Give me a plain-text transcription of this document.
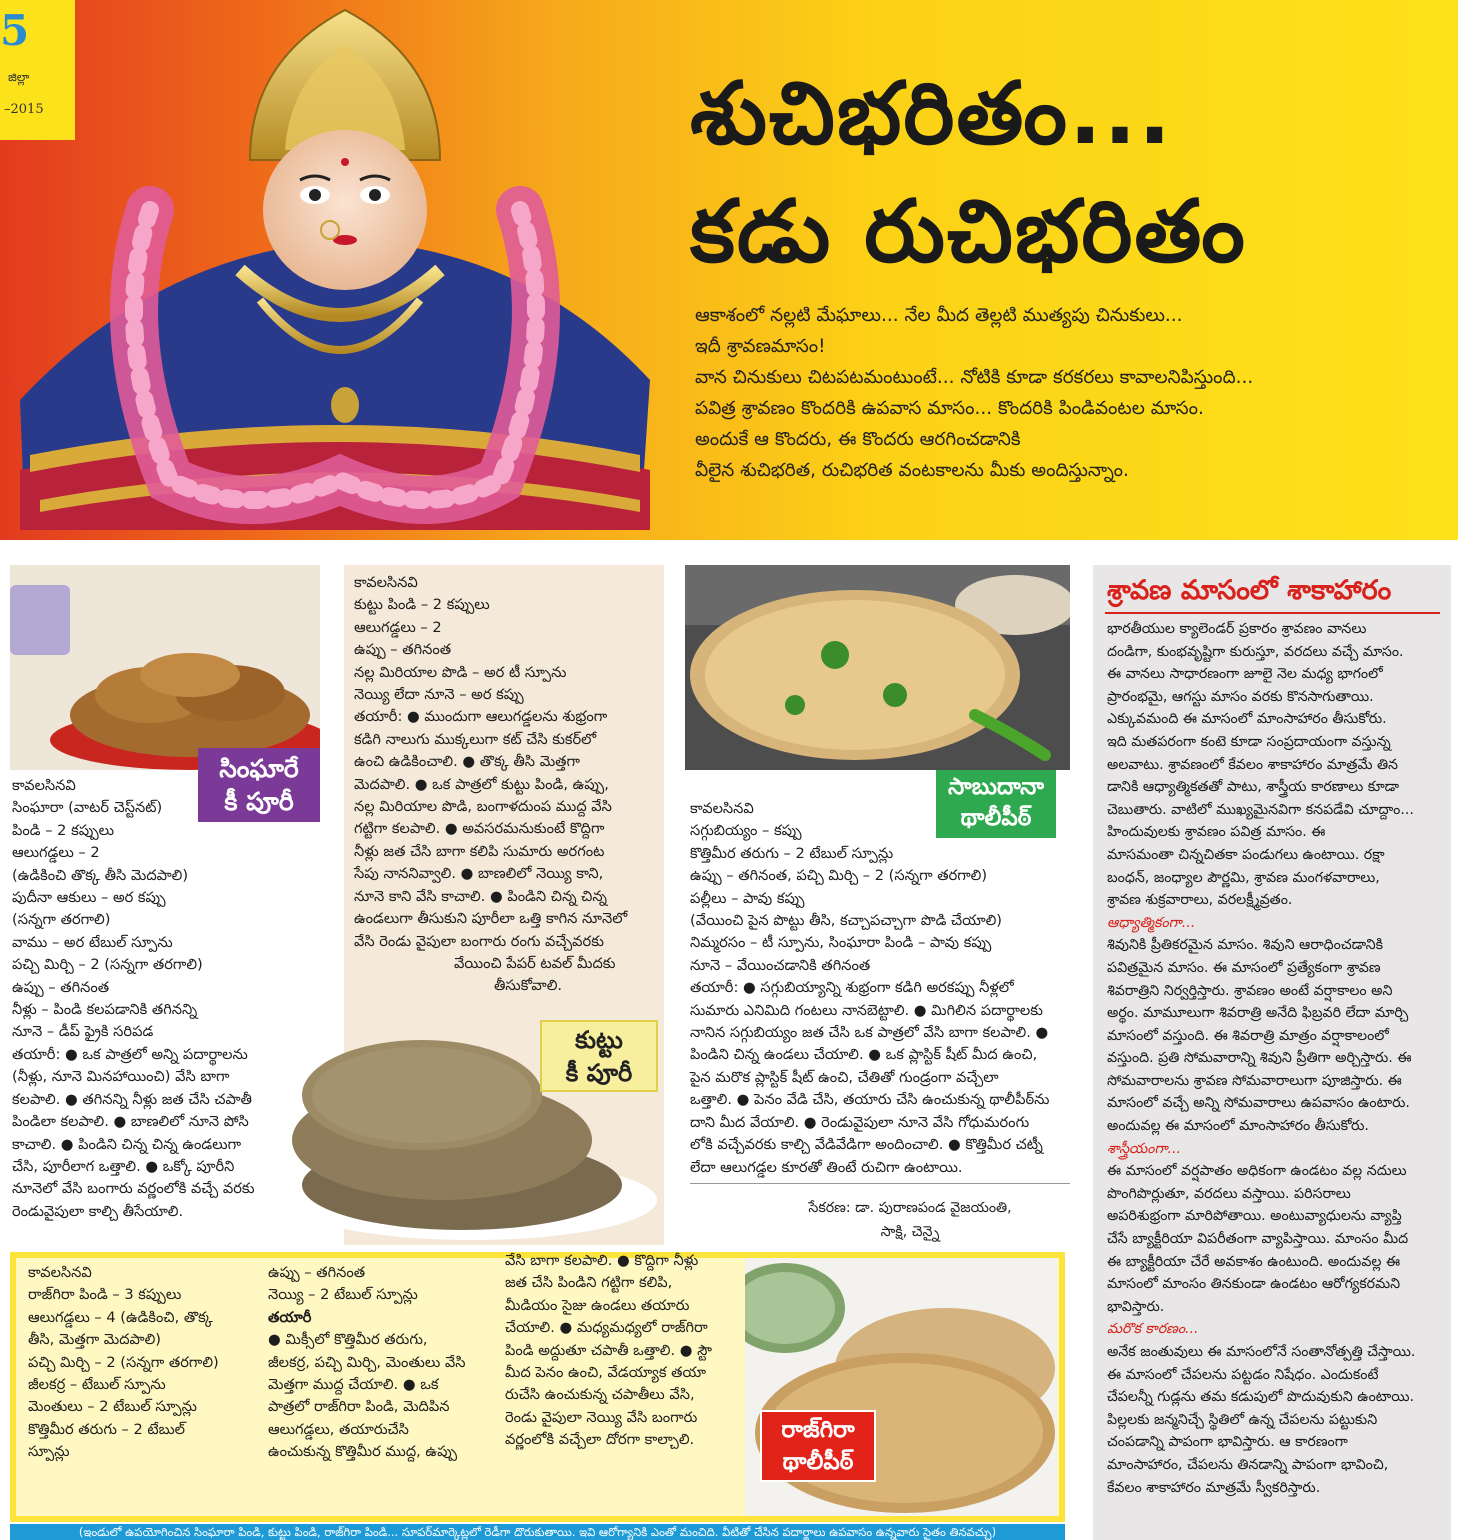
5
జిల్లా
–2015	శుచిభరితం...
కడు రుచిభరితం

ఆకాశంలో నల్లటి మేఘాలు... నేల మీద తెల్లటి ముత్యపు చినుకులు...

ఇదీ శ్రావణమాసం!

వాన చినుకులు చిటపటమంటుంటే... నోటికి కూడా కరకరలు కావాలనిపిస్తుంది...

పవిత్ర శ్రావణం కొందరికి ఉపవాస మాసం... కొందరికి పిండివంటల మాసం.

అందుకే ఆ కొందరు, ఈ కొందరు ఆరగించడానికి

వీలైన శుచిభరిత, రుచిభరిత వంటకాలను మీకు అందిస్తున్నాం.

సింఘారే
కీ పూరీ

కావలసినవి

సింఘారా (వాటర్ చెస్ట్‌నట్)

పిండి – 2 కప్పులు

ఆలుగడ్డలు – 2

(ఉడికించి తొక్క తీసి మెదపాలి)

పుదీనా ఆకులు – అర కప్పు

(సన్నగా తరగాలి)

వాము – అర టేబుల్ స్పూను

పచ్చి మిర్చి – 2 (సన్నగా తరగాలి)

ఉప్పు – తగినంత

నీళ్లు – పిండి కలపడానికి తగినన్ని

నూనె – డీప్ ఫ్రైకి సరిపడ

తయారీ: ● ఒక పాత్రలో అన్ని పదార్థాలను

(నీళ్లు, నూనె మినహాయించి) వేసి బాగా

కలపాలి. ● తగినన్ని నీళ్లు జత చేసి చపాతీ

పిండిలా కలపాలి. ● బాణలిలో నూనె పోసి

కాచాలి. ● పిండిని చిన్న చిన్న ఉండలుగా

చేసి, పూరీలాగ ఒత్తాలి. ● ఒక్కో పూరీని

నూనెలో వేసి బంగారు వర్ణంలోకి వచ్చే వరకు

రెండువైపులా కాల్చి తీసేయాలి.

కావలసినవి

కుట్టు పిండి – 2 కప్పులు

ఆలుగడ్డలు – 2

ఉప్పు – తగినంత

నల్ల మిరియాల పొడి – అర టీ స్పూను

నెయ్యి లేదా నూనె – అర కప్పు

తయారీ: ● ముందుగా ఆలుగడ్డలను శుభ్రంగా

కడిగి నాలుగు ముక్కలుగా కట్ చేసి కుకర్‌లో

ఉంచి ఉడికించాలి. ● తొక్క తీసి మెత్తగా

మెదపాలి. ● ఒక పాత్రలో కుట్టు పిండి, ఉప్పు,

నల్ల మిరియాల పొడి, బంగాళదుంప ముద్ద వేసి

గట్టిగా కలపాలి. ● అవసరమనుకుంటే కొద్దిగా

నీళ్లు జత చేసి బాగా కలిపి సుమారు అరగంట

సేపు నాననివ్వాలి. ● బాణలిలో నెయ్యి కాని,

నూనె కాని వేసి కాచాలి. ● పిండిని చిన్న చిన్న

ఉండలుగా తీసుకుని పూరీలా ఒత్తి కాగిన నూనెలో

వేసి రెండు వైపులా బంగారు రంగు వచ్చేవరకు

వేయించి పేపర్ టవల్ మీదకు

తీసుకోవాలి.

కుట్టు
కీ పూరీ
సాబుదానా
థాలీపీఠ్

కావలసినవి

సగ్గుబియ్యం – కప్పు

కొత్తిమీర తరుగు – 2 టేబుల్ స్పూన్లు

ఉప్పు – తగినంత, పచ్చి మిర్చి – 2 (సన్నగా తరగాలి)

పల్లీలు – పావు కప్పు

(వేయించి పైన పొట్టు తీసి, కచ్చాపచ్చాగా పొడి చేయాలి)

నిమ్మరసం – టీ స్పూను, సింఘారా పిండి – పావు కప్పు

నూనె – వేయించడానికి తగినంత

తయారీ: ● సగ్గుబియ్యాన్ని శుభ్రంగా కడిగి అరకప్పు నీళ్లలో

సుమారు ఎనిమిది గంటలు నానబెట్టాలి. ● మిగిలిన పదార్థాలకు

నానిన సగ్గుబియ్యం జత చేసి ఒక పాత్రలో వేసి బాగా కలపాలి. ●

పిండిని చిన్న ఉండలు చేయాలి. ● ఒక ప్లాస్టిక్ షీట్ మీద ఉంచి,

పైన మరొక ప్లాస్టిక్ షీట్ ఉంచి, చేతితో గుండ్రంగా వచ్చేలా

ఒత్తాలి. ● పెనం వేడి చేసి, తయారు చేసి ఉంచుకున్న థాలీపీఠ్‌ను

దాని మీద వేయాలి. ● రెండువైపులా నూనె వేసి గోధుమరంగు

లోకి వచ్చేవరకు కాల్చి వేడివేడిగా అందించాలి. ● కొత్తిమీర చట్నీ

లేదా ఆలుగడ్డల కూరతో తింటే రుచిగా ఉంటాయి.

సేకరణ: డా. పురాణపండ వైజయంతి,
సాక్షి, చెన్నై
శ్రావణ మాసంలో శాకాహారం

భారతీయుల క్యాలెండర్ ప్రకారం శ్రావణం వానలు

దండిగా, కుంభవృష్టిగా కురుస్తూ, వరదలు వచ్చే మాసం.

ఈ వానలు సాధారణంగా జూలై నెల మధ్య భాగంలో

ప్రారంభమై, ఆగస్టు మాసం వరకు కొనసాగుతాయి.

ఎక్కువమంది ఈ మాసంలో మాంసాహారం తీసుకోరు.

ఇది మతపరంగా కంటె కూడా సంప్రదాయంగా వస్తున్న

అలవాటు. శ్రావణంలో కేవలం శాకాహారం మాత్రమే తిన

డానికి ఆధ్యాత్మికతతో పాటు, శాస్త్రీయ కారణాలు కూడా

చెబుతారు. వాటిలో ముఖ్యమైనవిగా కనపడేవి చూద్దాం...

హిందువులకు శ్రావణం పవిత్ర మాసం. ఈ

మాసమంతా చిన్నచితకా పండుగలు ఉంటాయి. రక్షా

బంధన్, జంధ్యాల పౌర్ణమి, శ్రావణ మంగళవారాలు,

శ్రావణ శుక్రవారాలు, వరలక్ష్మీవ్రతం.

ఆధ్యాత్మికంగా...

శివునికి ప్రీతికరమైన మాసం. శివుని ఆరాధించడానికి

పవిత్రమైన మాసం. ఈ మాసంలో ప్రత్యేకంగా శ్రావణ

శివరాత్రిని నిర్వర్తిస్తారు. శ్రావణం అంటే వర్షాకాలం అని

అర్థం. మామూలుగా శివరాత్రి అనేది ఫిబ్రవరి లేదా మార్చి

మాసంలో వస్తుంది. ఈ శివరాత్రి మాత్రం వర్షాకాలంలో

వస్తుంది. ప్రతి సోమవారాన్ని శివుని ప్రీతిగా అర్చిస్తారు. ఈ

సోమవారాలను శ్రావణ సోమవారాలుగా పూజిస్తారు. ఈ

మాసంలో వచ్చే అన్ని సోమవారాలు ఉపవాసం ఉంటారు.

అందువల్ల ఈ మాసంలో మాంసాహారం తీసుకోరు.

శాస్త్రీయంగా...

ఈ మాసంలో వర్షపాతం అధికంగా ఉండటం వల్ల నదులు

పొంగిపొర్లుతూ, వరదలు వస్తాయి. పరిసరాలు

అపరిశుభ్రంగా మారిపోతాయి. అంటువ్యాధులను వ్యాప్తి

చేసే బ్యాక్టీరియా విపరీతంగా వ్యాపిస్తాయి. మాంసం మీద

ఈ బ్యాక్టీరియా చేరే అవకాశం ఉంటుంది. అందువల్ల ఈ

మాసంలో మాంసం తినకుండా ఉండటం ఆరోగ్యకరమని

భావిస్తారు.

మరొక కారణం...

అనేక జంతువులు ఈ మాసంలోనే సంతానోత్పత్తి చేస్తాయి.

ఈ మాసంలో చేపలను పట్టడం నిషేధం. ఎందుకంటే

చేపలన్నీ గుడ్లను తమ కడుపులో పొదువుకుని ఉంటాయి.

పిల్లలకు జన్మనిచ్చే స్థితిలో ఉన్న చేపలను పట్టుకుని

చంపడాన్ని పాపంగా భావిస్తారు. ఆ కారణంగా

మాంసాహారం, చేపలను తినడాన్ని పాపంగా భావించి,

కేవలం శాకాహారం మాత్రమే స్వీకరిస్తారు.

కావలసినవి

రాజ్‌గిరా పిండి – 3 కప్పులు

ఆలుగడ్డలు – 4 (ఉడికించి, తొక్క

తీసి, మెత్తగా మెదపాలి)

పచ్చి మిర్చి – 2 (సన్నగా తరగాలి)

జీలకర్ర – టేబుల్ స్పూను

మెంతులు – 2 టేబుల్ స్పూన్లు

కొత్తిమీర తరుగు – 2 టేబుల్

స్పూన్లు

ఉప్పు – తగినంత

నెయ్యి – 2 టేబుల్ స్పూన్లు

తయారీ

● మిక్సీలో కొత్తిమీర తరుగు,

జీలకర్ర, పచ్చి మిర్చి, మెంతులు వేసి

మెత్తగా ముద్ద చేయాలి. ● ఒక

పాత్రలో రాజ్‌గిరా పిండి, మెదిపిన

ఆలుగడ్డలు, తయారుచేసి

ఉంచుకున్న కొత్తిమీర ముద్ద, ఉప్పు

వేసి బాగా కలపాలి. ● కొద్దిగా నీళ్లు

జత చేసి పిండిని గట్టిగా కలిపి,

మీడియం సైజు ఉండలు తయారు

చేయాలి. ● మధ్యమధ్యలో రాజ్‌గిరా

పిండి అద్దుతూ చపాతీ ఒత్తాలి. ● స్టౌ

మీద పెనం ఉంచి, వేడయ్యాక తయా

రుచేసి ఉంచుకున్న చపాతీలు వేసి,

రెండు వైపులా నెయ్యి వేసి బంగారు

వర్ణంలోకి వచ్చేలా దోరగా కాల్చాలి.	రాజ్‌గిరా
థాలీపీఠ్
(ఇండులో ఉపయోగించిన సింఘారా పిండి, కుట్టు పిండి, రాజ్‌గిరా పిండి... సూపర్‌మార్కెట్లలో రెడీగా దొరుకుతాయి. ఇవి ఆరోగ్యానికి ఎంతో మంచిది. వీటితో చేసిన పదార్థాలు ఉపవాసం ఉన్నవారు సైతం తినవచ్చు)
